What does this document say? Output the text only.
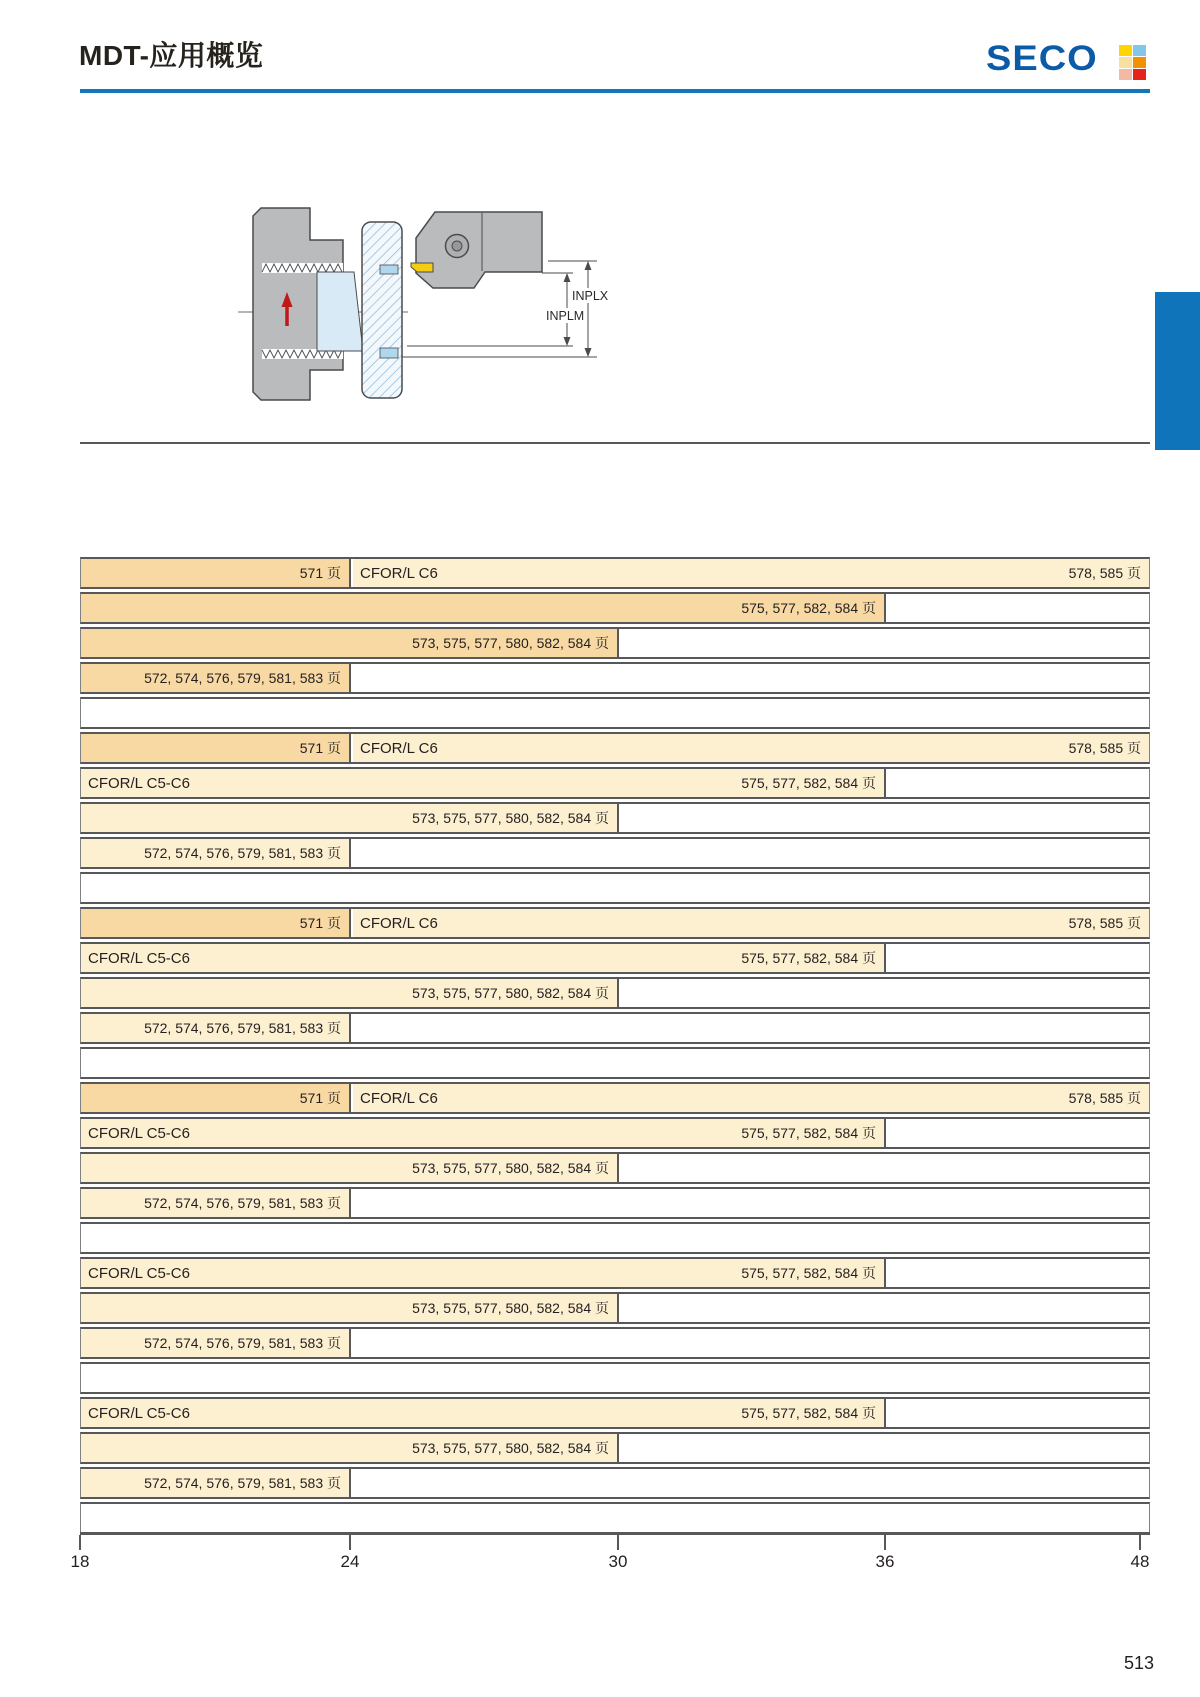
MDT-应用概览	SECO
INPLX
INPLM
571 页	CFOR/L C6	578, 585 页
575, 577, 582, 584 页
573, 575, 577, 580, 582, 584 页
572, 574, 576, 579, 581, 583 页
571 页	CFOR/L C6	578, 585 页
CFOR/L C5-C6	575, 577, 582, 584 页
573, 575, 577, 580, 582, 584 页
572, 574, 576, 579, 581, 583 页
571 页	CFOR/L C6	578, 585 页
CFOR/L C5-C6	575, 577, 582, 584 页
573, 575, 577, 580, 582, 584 页
572, 574, 576, 579, 581, 583 页
571 页	CFOR/L C6	578, 585 页
CFOR/L C5-C6	575, 577, 582, 584 页
573, 575, 577, 580, 582, 584 页
572, 574, 576, 579, 581, 583 页
CFOR/L C5-C6	575, 577, 582, 584 页
573, 575, 577, 580, 582, 584 页
572, 574, 576, 579, 581, 583 页
CFOR/L C5-C6	575, 577, 582, 584 页
573, 575, 577, 580, 582, 584 页
572, 574, 576, 579, 581, 583 页
18	24	30	36	48
513
